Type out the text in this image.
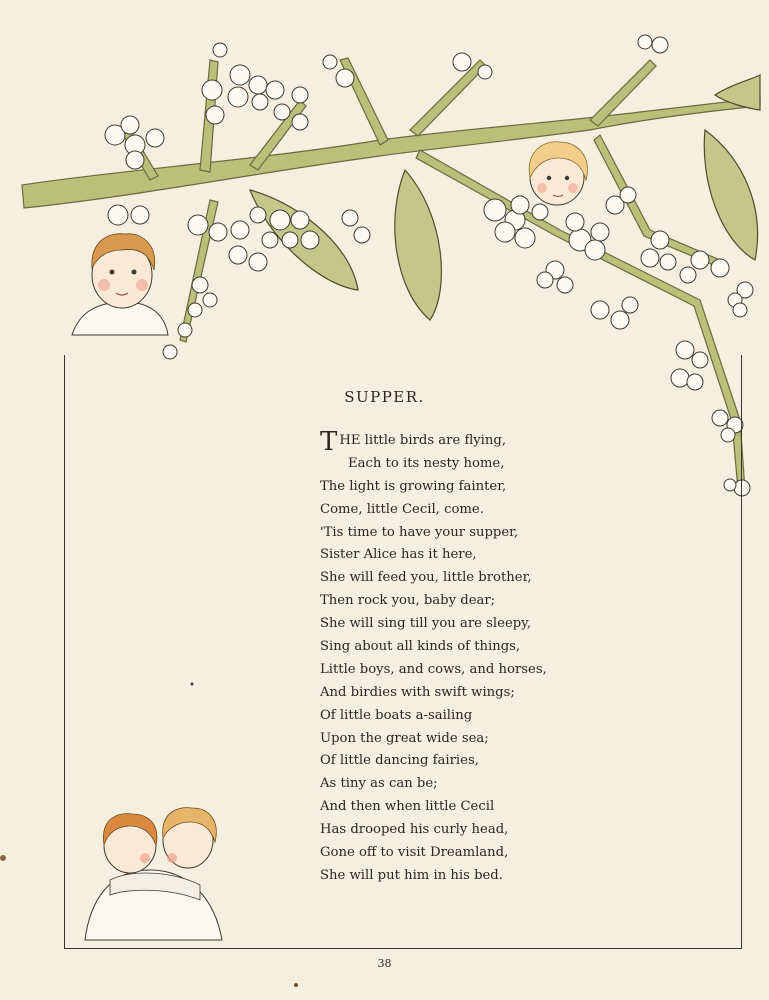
SUPPER.
THE little birds are flying,
Each to its nesty home,
The light is growing fainter,
Come, little Cecil, come.
'Tis time to have your supper,
Sister Alice has it here,
She will feed you, little brother,
Then rock you, baby dear;
She will sing till you are sleepy,
Sing about all kinds of things,
Little boys, and cows, and horses,
And birdies with swift wings;
Of little boats a-sailing
Upon the great wide sea;
Of little dancing fairies,
As tiny as can be;
And then when little Cecil
Has drooped his curly head,
Gone off to visit Dreamland,
She will put him in his bed.
38
